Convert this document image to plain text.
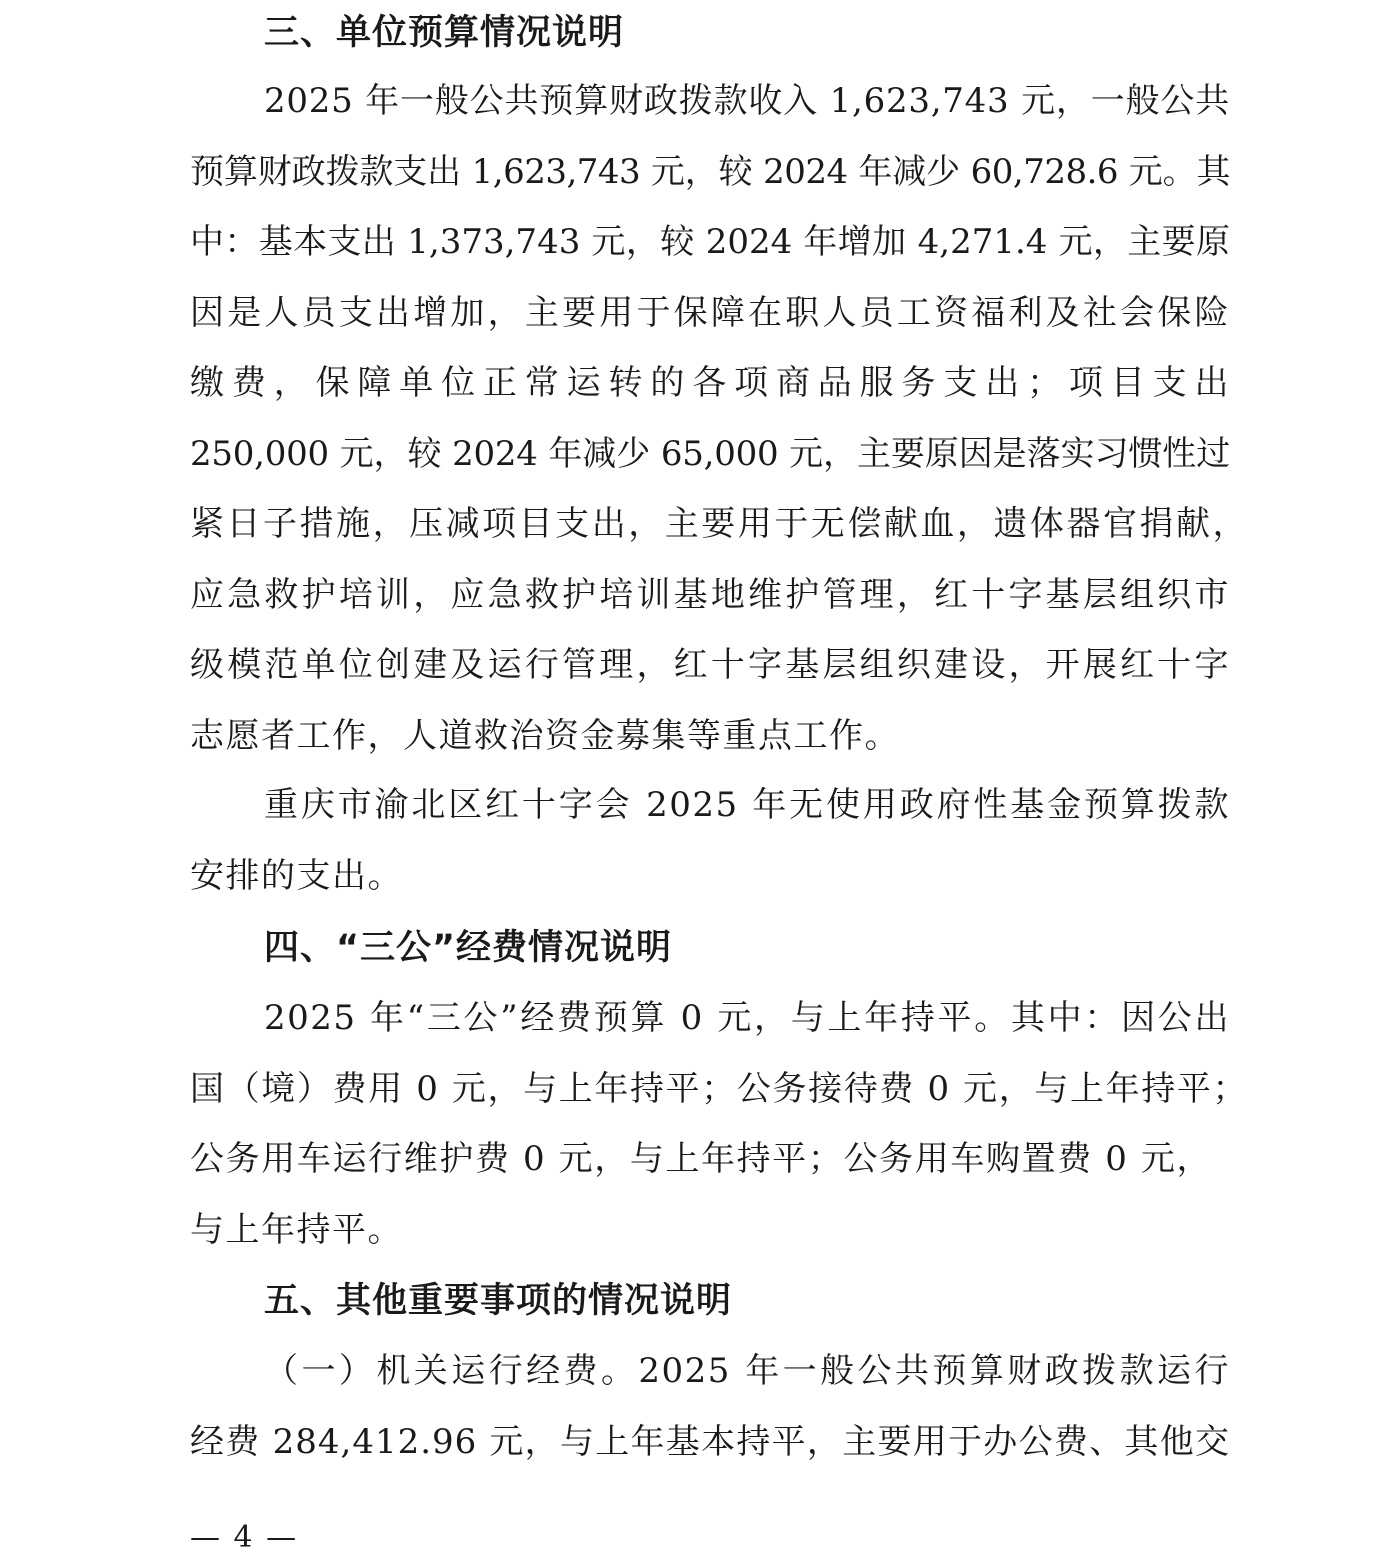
三、单位预算情况说明
2025 年一般公共预算财政拨款收入 1,623,743 元，一般公共
预算财政拨款支出 1,623,743 元，较 2024 年减少 60,728.6 元。其
中：基本支出 1,373,743 元，较 2024 年增加 4,271.4 元，主要原
因是人员支出增加，主要用于保障在职人员工资福利及社会保险
缴费，保障单位正常运转的各项商品服务支出；项目支出
250,000 元，较 2024 年减少 65,000 元，主要原因是落实习惯性过
紧日子措施，压减项目支出，主要用于无偿献血，遗体器官捐献，
应急救护培训，应急救护培训基地维护管理，红十字基层组织市
级模范单位创建及运行管理，红十字基层组织建设，开展红十字
志愿者工作，人道救治资金募集等重点工作。
重庆市渝北区红十字会 2025 年无使用政府性基金预算拨款
安排的支出。
四、“三公”经费情况说明
2025 年“三公”经费预算 0 元，与上年持平。其中：因公出
国（境）费用 0 元，与上年持平；公务接待费 0 元，与上年持平；
公务用车运行维护费 0 元，与上年持平；公务用车购置费 0 元，
与上年持平。
五、其他重要事项的情况说明
（一）机关运行经费。2025 年一般公共预算财政拨款运行
经费 284,412.96 元，与上年基本持平，主要用于办公费、其他交
— 4 —
